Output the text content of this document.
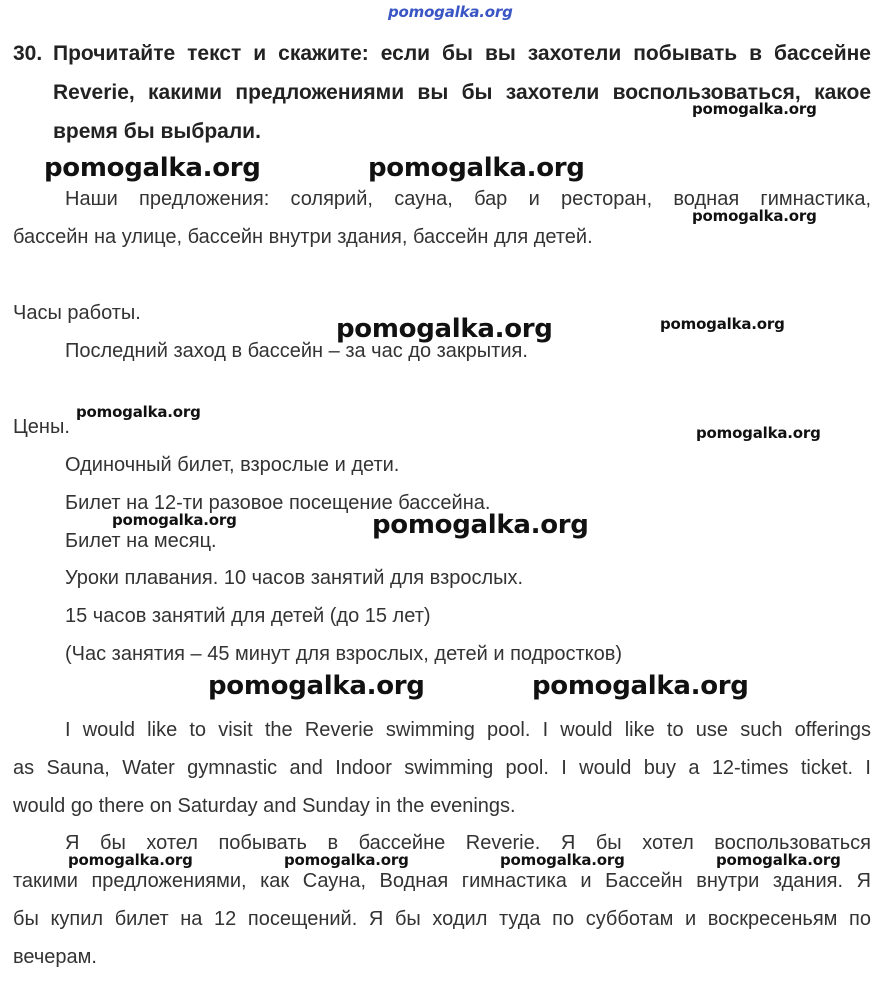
pomogalka.org
30. Прочитайте текст и скажите: если бы вы захотели побывать в бассейне
Reverie, какими предложениями вы бы захотели воспользоваться, какое
время бы выбрали.
Наши предложения: солярий, сауна, бар и ресторан, водная гимнастика,
бассейн на улице, бассейн внутри здания, бассейн для детей.
Часы работы.
Последний заход в бассейн – за час до закрытия.
Цены.
Одиночный билет, взрослые и дети.
Билет на 12-ти разовое посещение бассейна.
Билет на месяц.
Уроки плавания. 10 часов занятий для взрослых.
15 часов занятий для детей (до 15 лет)
(Час занятия – 45 минут для взрослых, детей и подростков)
I would like to visit the Reverie swimming pool. I would like to use such offerings
as Sauna, Water gymnastic and Indoor swimming pool. I would buy a 12-times ticket. I
would go there on Saturday and Sunday in the evenings.
Я бы хотел побывать в бассейне Reverie. Я бы хотел воспользоваться
такими предложениями, как Сауна, Водная гимнастика и Бассейн внутри здания. Я
бы купил билет на 12 посещений. Я бы ходил туда по субботам и воскресеньям по
вечерам.
pomogalka.org
pomogalka.org	pomogalka.org
pomogalka.org
pomogalka.org	pomogalka.org
pomogalka.org
pomogalka.org
pomogalka.org	pomogalka.org
pomogalka.org	pomogalka.org
pomogalka.org	pomogalka.org	pomogalka.org	pomogalka.org
